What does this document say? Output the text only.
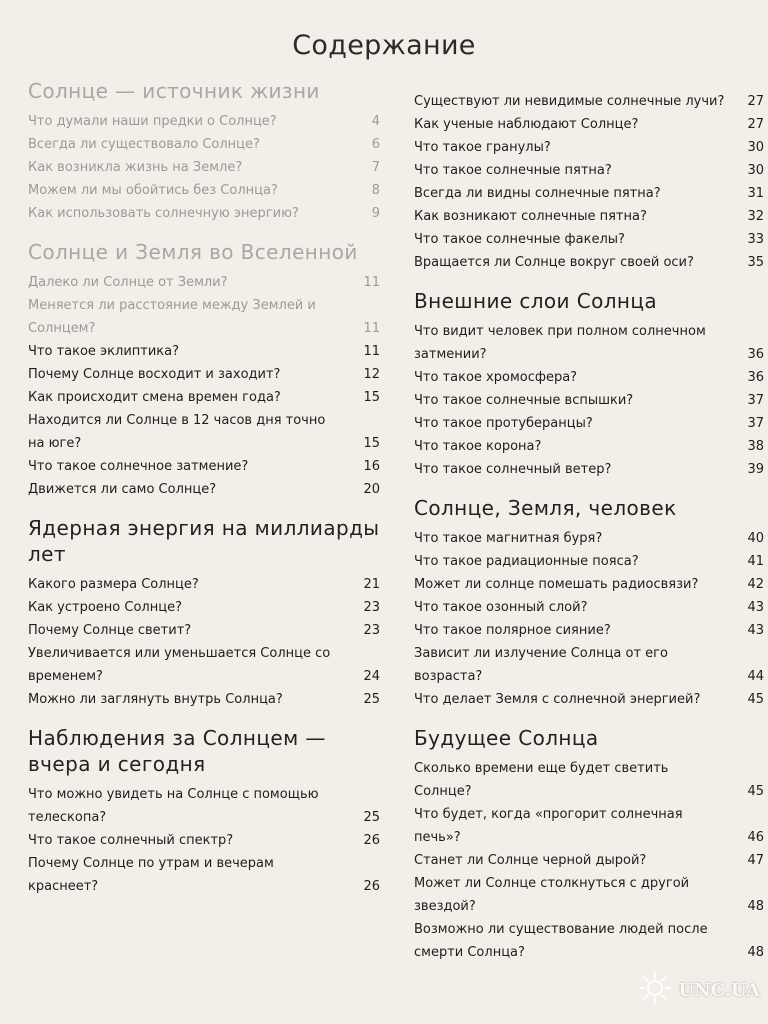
Содержание
Солнце — источник жизни
Что думали наши предки о Солнце?	4
Всегда ли существовало Солнце?	6
Как возникла жизнь на Земле?	7
Можем ли мы обойтись без Солнца?	8
Как использовать солнечную энергию?	9
Солнце и Земля во Вселенной
Далеко ли Солнце от Земли?	11
Меняется ли расстояние между Землей и Солнцем?	11
Что такое эклиптика?	11
Почему Солнце восходит и заходит?	12
Как происходит смена времен года?	15
Находится ли Солнце в 12 часов дня точно на юге?	15
Что такое солнечное затмение?	16
Движется ли само Солнце?	20
Ядерная энергия на миллиарды лет
Какого размера Солнце?	21
Как устроено Солнце?	23
Почему Солнце светит?	23
Увеличивается или уменьшается Солнце со временем?	24
Можно ли заглянуть внутрь Солнца?	25
Наблюдения за Солнцем — вчера и сегодня
Что можно увидеть на Солнце с помощью телескопа?	25
Что такое солнечный спектр?	26
Почему Солнце по утрам и вечерам краснеет?	26
Существуют ли невидимые солнечные лучи?	27
Как ученые наблюдают Солнце?	27
Что такое гранулы?	30
Что такое солнечные пятна?	30
Всегда ли видны солнечные пятна?	31
Как возникают солнечные пятна?	32
Что такое солнечные факелы?	33
Вращается ли Солнце вокруг своей оси?	35
Внешние слои Солнца
Что видит человек при полном солнечном затмении?	36
Что такое хромосфера?	36
Что такое солнечные вспышки?	37
Что такое протуберанцы?	37
Что такое корона?	38
Что такое солнечный ветер?	39
Солнце, Земля, человек
Что такое магнитная буря?	40
Что такое радиационные пояса?	41
Может ли солнце помешать радиосвязи?	42
Что такое озонный слой?	43
Что такое полярное сияние?	43
Зависит ли излучение Солнца от его возраста?	44
Что делает Земля с солнечной энергией?	45
Будущее Солнца
Сколько времени еще будет светить Солнце?	45
Что будет, когда «прогорит солнечная печь»?	46
Станет ли Солнце черной дырой?	47
Может ли Солнце столкнуться с другой звездой?	48
Возможно ли существование людей после смерти Солнца?	48
UNC.UA
